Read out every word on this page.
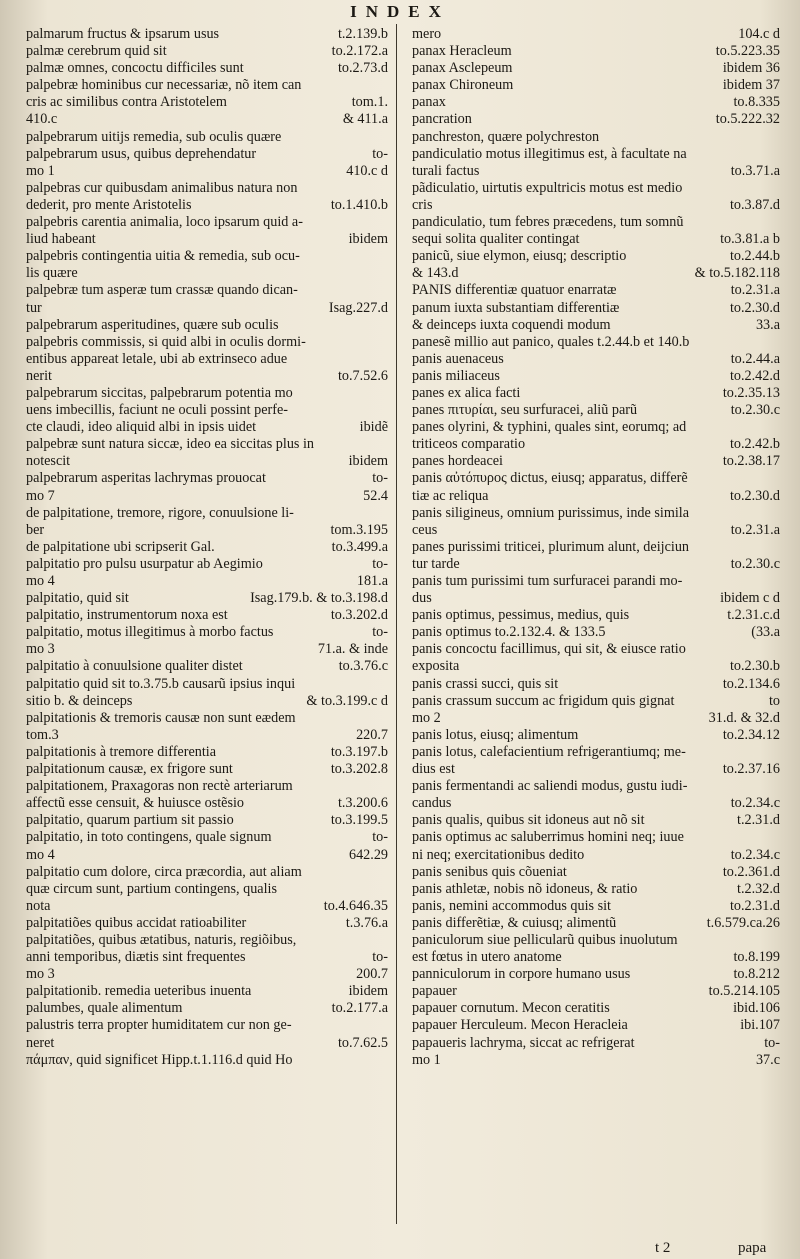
INDEX
palmarum fructus & ipsarum usus	t.2.139.b
palmæ cerebrum quid sit	to.2.172.a
palmæ omnes, concoctu difficiles sunt	to.2.73.d
palpebræ hominibus cur necessariæ, nõ item can
cris ac similibus contra Aristotelem	tom.1.
410.c	& 411.a
palpebrarum uitijs remedia, sub oculis quære
palpebrarum usus, quibus deprehendatur	to-
mo 1	410.c d
palpebras cur quibusdam animalibus natura non
dederit, pro mente Aristotelis	to.1.410.b
palpebris carentia animalia, loco ipsarum quid a-
liud habeant	ibidem
palpebris contingentia uitia & remedia, sub ocu-
lis quære
palpebræ tum asperæ tum crassæ quando dican-
tur	Isag.227.d
palpebrarum asperitudines, quære sub oculis
palpebris commissis, si quid albi in oculis dormi-
entibus appareat letale, ubi ab extrinseco adue
nerit	to.7.52.6
palpebrarum siccitas, palpebrarum potentia mo
uens imbecillis, faciunt ne oculi possint perfe-
cte claudi, ideo aliquid albi in ipsis uidet	ibidẽ
palpebræ sunt natura siccæ, ideo ea siccitas plus in
notescit	ibidem
palpebrarum asperitas lachrymas prouocat	to-
mo 7	52.4
de palpitatione, tremore, rigore, conuulsione li-
ber	tom.3.195
de palpitatione ubi scripserit Gal.	to.3.499.a
palpitatio pro pulsu usurpatur ab Aegimio	to-
mo 4	181.a
palpitatio, quid sit	Isag.179.b. & to.3.198.d
palpitatio, instrumentorum noxa est	to.3.202.d
palpitatio, motus illegitimus à morbo factus	to-
mo 3	71.a. & inde
palpitatio à conuulsione qualiter distet	to.3.76.c
palpitatio quid sit to.3.75.b causarũ ipsius inqui
sitio b. & deinceps	& to.3.199.c d
palpitationis & tremoris causæ non sunt eædem
tom.3	220.7
palpitationis à tremore differentia	to.3.197.b
palpitationum causæ, ex frigore sunt	to.3.202.8
palpitationem, Praxagoras non rectè arteriarum
affectũ esse censuit, & huiusce ostẽsio	t.3.200.6
palpitatio, quarum partium sit passio	to.3.199.5
palpitatio, in toto contingens, quale signum	to-
mo 4	642.29
palpitatio cum dolore, circa præcordia, aut aliam
quæ circum sunt, partium contingens, qualis
nota	to.4.646.35
palpitatiões quibus accidat ratioabiliter	t.3.76.a
palpitatiões, quibus ætatibus, naturis, regiõibus,
anni temporibus, diætis sint frequentes	to-
mo 3	200.7
palpitationib. remedia ueteribus inuenta	ibidem
palumbes, quale alimentum	to.2.177.a
palustris terra propter humiditatem cur non ge-
neret	to.7.62.5
πάμπαν, quid significet Hipp.t.1.116.d quid Ho
mero	104.c d
panax Heracleum	to.5.223.35
panax Asclepeum	ibidem 36
panax Chironeum	ibidem 37
panax	to.8.335
pancration	to.5.222.32
panchreston, quære polychreston
pandiculatio motus illegitimus est, à facultate na
turali factus	to.3.71.a
pãdiculatio, uirtutis expultricis motus est medio
cris	to.3.87.d
pandiculatio, tum febres præcedens, tum somnũ
sequi solita qualiter contingat	to.3.81.a b
panicũ, siue elymon, eiusq; descriptio	to.2.44.b
& 143.d	& to.5.182.118
PANIS differentiæ quatuor enarratæ	to.2.31.a
panum iuxta substantiam differentiæ	to.2.30.d
& deinceps iuxta coquendi modum	33.a
panesẽ millio aut panico, quales t.2.44.b et 140.b
panis auenaceus	to.2.44.a
panis miliaceus	to.2.42.d
panes ex alica facti	to.2.35.13
panes πιτυρίαι, seu surfuracei, aliũ parũ	to.2.30.c
panes olyrini, & typhini, quales sint, eorumq; ad
triticeos comparatio	to.2.42.b
panes hordeacei	to.2.38.17
panis αὐτόπυρος dictus, eiusq; apparatus, differẽ
tiæ ac reliqua	to.2.30.d
panis siligineus, omnium purissimus, inde simila
ceus	to.2.31.a
panes purissimi triticei, plurimum alunt, deijciun
tur tarde	to.2.30.c
panis tum purissimi tum surfuracei parandi mo-
dus	ibidem c d
panis optimus, pessimus, medius, quis	t.2.31.c.d
panis optimus to.2.132.4. & 133.5	(33.a
panis concoctu facillimus, qui sit, & eiusce ratio
exposita	to.2.30.b
panis crassi succi, quis sit	to.2.134.6
panis crassum succum ac frigidum quis gignat	to
mo 2	31.d. & 32.d
panis lotus, eiusq; alimentum	to.2.34.12
panis lotus, calefacientium refrigerantiumq; me-
dius est	to.2.37.16
panis fermentandi ac saliendi modus, gustu iudi-
candus	to.2.34.c
panis qualis, quibus sit idoneus aut nõ sit	t.2.31.d
panis optimus ac saluberrimus homini neq; iuue
ni neq; exercitationibus dedito	to.2.34.c
panis senibus quis cõueniat	to.2.361.d
panis athletæ, nobis nõ idoneus, & ratio	t.2.32.d
panis, nemini accommodus quis sit	to.2.31.d
panis differẽtiæ, & cuiusq; alimentũ	t.6.579.ca.26
paniculorum siue pellicularũ quibus inuolutum
est fœtus in utero anatome	to.8.199
panniculorum in corpore humano usus	to.8.212
papauer	to.5.214.105
papauer cornutum. Mecon ceratitis	ibid.106
papauer Herculeum. Mecon Heracleia	ibi.107
papaueris lachryma, siccat ac refrigerat	to-
mo 1	37.c
t 2	papa
